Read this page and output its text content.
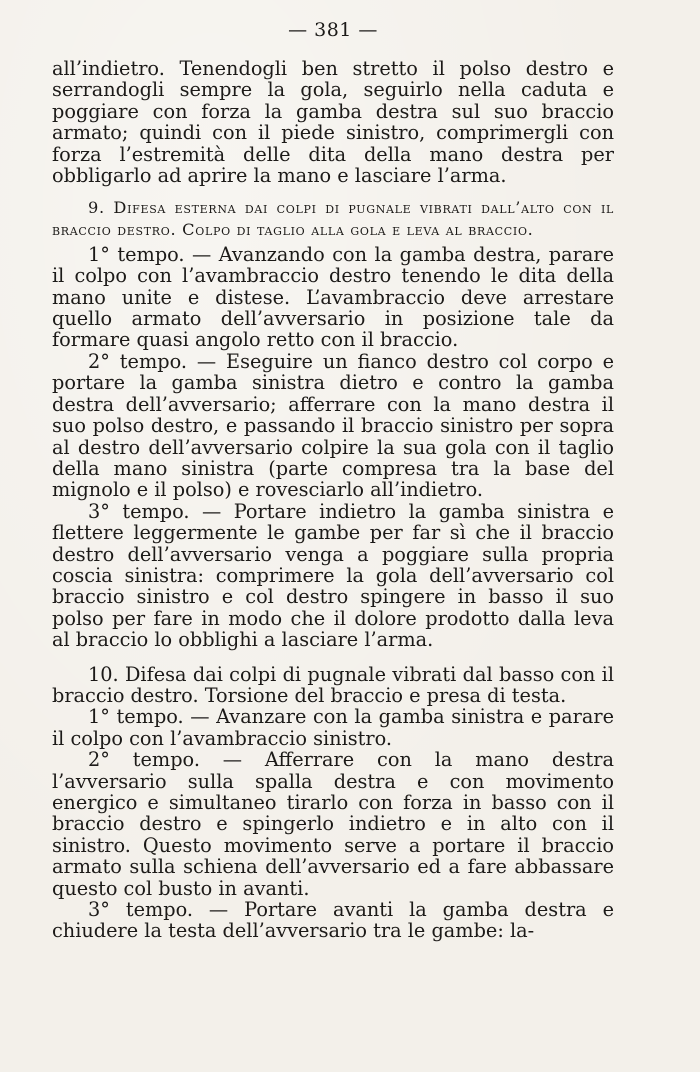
— 381 —

all’indietro. Tenendogli ben stretto il polso destro e serrandogli sempre la gola, seguirlo nella caduta e poggiare con forza la gamba destra sul suo braccio armato; quindi con il piede sinistro, comprimergli con forza l’estremità delle dita della mano destra per obbligarlo ad aprire la mano e lasciare l’arma.

9. Difesa esterna dai colpi di pugnale vibrati dall’alto con il braccio destro. Colpo di taglio alla gola e leva al braccio.

1° tempo. — Avanzando con la gamba destra, parare il colpo con l’avambraccio destro tenendo le dita della mano unite e distese. L’avambraccio deve arrestare quello armato dell’avversario in posizione tale da formare quasi angolo retto con il braccio.

2° tempo. — Eseguire un fianco destro col corpo e portare la gamba sinistra dietro e contro la gamba destra dell’avversario; afferrare con la mano destra il suo polso destro, e passando il braccio sinistro per sopra al destro dell’avversario colpire la sua gola con il taglio della mano sinistra (parte compresa tra la base del mignolo e il polso) e rovesciarlo all’indietro.

3° tempo. — Portare indietro la gamba sinistra e flettere leggermente le gambe per far sì che il braccio destro dell’avversario venga a poggiare sulla propria coscia sinistra: comprimere la gola dell’avversario col braccio sinistro e col destro spingere in basso il suo polso per fare in modo che il dolore prodotto dalla leva al braccio lo obblighi a lasciare l’arma.

10. Difesa dai colpi di pugnale vibrati dal basso con il braccio destro. Torsione del braccio e presa di testa.

1° tempo. — Avanzare con la gamba sinistra e parare il colpo con l’avambraccio sinistro.

2° tempo. — Afferrare con la mano destra l’avversario sulla spalla destra e con movimento energico e simultaneo tirarlo con forza in basso con il braccio destro e spingerlo indietro e in alto con il sinistro. Questo movimento serve a portare il braccio armato sulla schiena dell’avversario ed a fare abbassare questo col busto in avanti.

3° tempo. — Portare avanti la gamba destra e chiudere la testa dell’avversario tra le gambe: la-
